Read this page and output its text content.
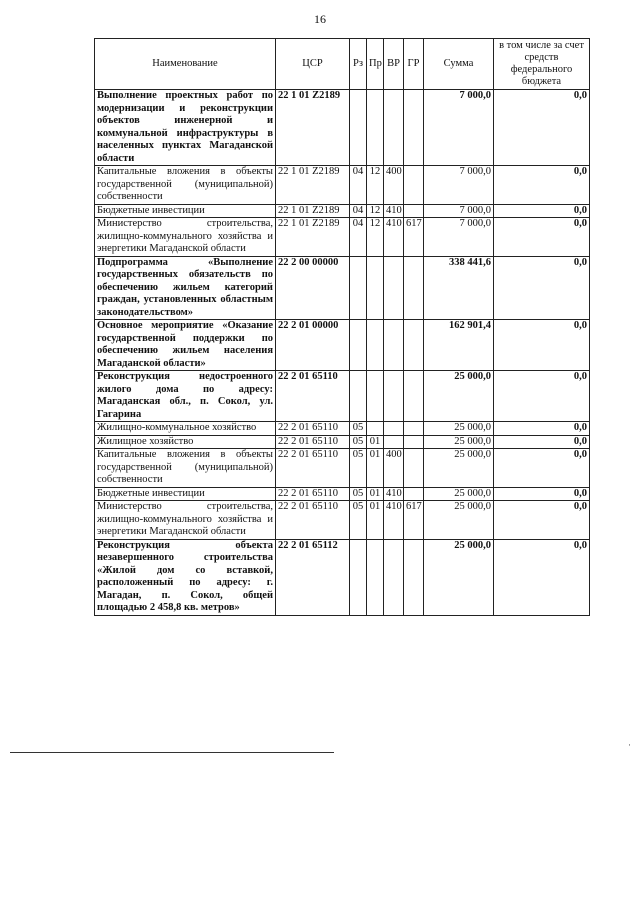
16
Наименование	ЦСР	Рз	Пр	ВР	ГР	Сумма	в том числе за счет средств федерального бюджета
Выполнение проектных работ по модернизации и реконструкции объектов инженерной и коммунальной инфраструктуры в населенных пунктах Магаданской области	22 1 01 Z2189					7 000,0	0,0
Капитальные вложения в объекты государственной (муниципальной) собственности	22 1 01 Z2189	04	12	400		7 000,0	0,0
Бюджетные инвестиции	22 1 01 Z2189	04	12	410		7 000,0	0,0
Министерство строительства, жилищно-коммунального хозяйства и энергетики Магаданской области	22 1 01 Z2189	04	12	410	617	7 000,0	0,0
Подпрограмма «Выполнение государственных обязательств по обеспечению жильем категорий граждан, установленных областным законодательством»	22 2 00 00000					338 441,6	0,0
Основное мероприятие «Оказание государственной поддержки по обеспечению жильем населения Магаданской области»	22 2 01 00000					162 901,4	0,0
Реконструкция недостроенного жилого дома по адресу: Магаданская обл., п. Сокол, ул. Гагарина	22 2 01 65110					25 000,0	0,0
Жилищно-коммунальное хозяйство	22 2 01 65110	05				25 000,0	0,0
Жилищное хозяйство	22 2 01 65110	05	01			25 000,0	0,0
Капитальные вложения в объекты государственной (муниципальной) собственности	22 2 01 65110	05	01	400		25 000,0	0,0
Бюджетные инвестиции	22 2 01 65110	05	01	410		25 000,0	0,0
Министерство строительства, жилищно-коммунального хозяйства и энергетики Магаданской области	22 2 01 65110	05	01	410	617	25 000,0	0,0
Реконструкция объекта незавершенного строительства «Жилой дом со вставкой, расположенный по адресу: г. Магадан, п. Сокол, общей площадью 2 458,8 кв. метров»	22 2 01 65112					25 000,0	0,0
·
